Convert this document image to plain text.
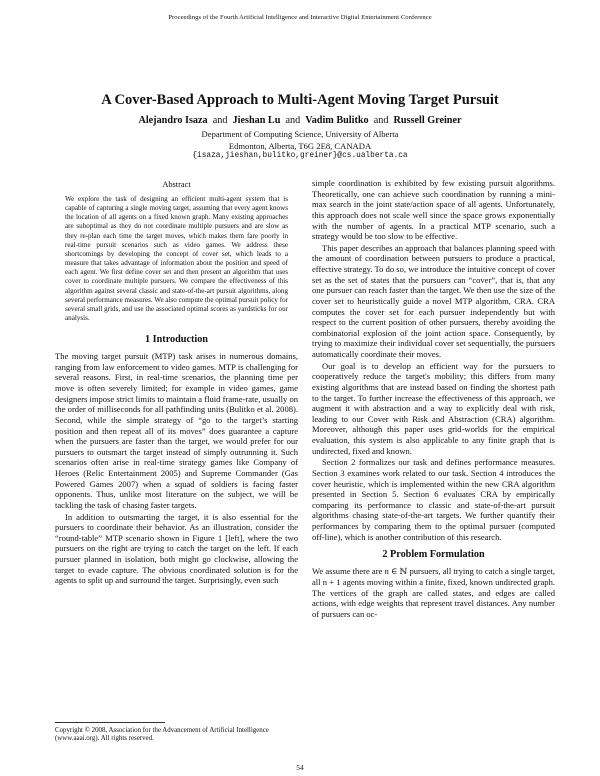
Proceedings of the Fourth Artificial Intelligence and Interactive Digital Entertainment Conference
A Cover-Based Approach to Multi-Agent Moving Target Pursuit
Alejandro Isaza and Jieshan Lu and Vadim Bulitko and Russell Greiner
Department of Computing Science, University of Alberta
Edmonton, Alberta, T6G 2E8, CANADA
{isaza,jieshan,bulitko,greiner}@cs.ualberta.ca
Abstract

We explore the task of designing an efficient multi-agent system that is capable of capturing a single moving target, assuming that every agent knows the location of all agents on a fixed known graph. Many existing approaches are suboptimal as they do not coordinate multiple pursuers and are slow as they re-plan each time the target moves, which makes them fare poorly in real-time pursuit scenarios such as video games. We address these shortcomings by developing the concept of cover set, which leads to a measure that takes advantage of information about the position and speed of each agent. We first define cover set and then present an algorithm that uses cover to coordinate multiple pursuers. We compare the effectiveness of this algorithm against several classic and state-of-the-art pursuit algorithms, along several performance measures. We also compute the optimal pursuit policy for several small grids, and use the associated optimal scores as yardsticks for our analysis.

1 Introduction

The moving target pursuit (MTP) task arises in numerous domains, ranging from law enforcement to video games. MTP is challenging for several reasons. First, in real-time scenarios, the planning time per move is often severely limited; for example in video games, game designers impose strict limits to maintain a fluid frame-rate, usually on the order of milliseconds for all pathfinding units (Bulitko et al. 2008). Second, while the simple strategy of “go to the target’s starting position and then repeat all of its moves” does guarantee a capture when the pursuers are faster than the target, we would prefer for our pursuers to outsmart the target instead of simply outrunning it. Such scenarios often arise in real-time strategy games like Company of Heroes (Relic Entertainment 2005) and Supreme Commander (Gas Powered Games 2007) when a squad of soldiers is facing faster opponents. Thus, unlike most literature on the subject, we will be tackling the task of chasing faster targets.

In addition to outsmarting the target, it is also essential for the pursuers to coordinate their behavior. As an illustration, consider the “round-table” MTP scenario shown in Figure 1 [left], where the two pursuers on the right are trying to catch the target on the left. If each pursuer planned in isolation, both might go clockwise, allowing the target to evade capture. The obvious coordinated solution is for the agents to split up and surround the target. Surprisingly, even such

simple coordination is exhibited by few existing pursuit algorithms. Theoretically, one can achieve such coordination by running a mini-max search in the joint state/action space of all agents. Unfortunately, this approach does not scale well since the space grows exponentially with the number of agents. In a practical MTP scenario, such a strategy would be too slow to be effective.

This paper describes an approach that balances planning speed with the amount of coordination between pursuers to produce a practical, effective strategy. To do so, we introduce the intuitive concept of cover set as the set of states that the pursuers can “cover”, that is, that any one pursuer can reach faster than the target. We then use the size of the cover set to heuristically guide a novel MTP algorithm, CRA. CRA computes the cover set for each pursuer independently but with respect to the current position of other pursuers, thereby avoiding the combinatorial explosion of the joint action space. Consequently, by trying to maximize their individual cover set sequentially, the pursuers automatically coordinate their moves.

Our goal is to develop an efficient way for the pursuers to cooperatively reduce the target's mobility; this differs from many existing algorithms that are instead based on finding the shortest path to the target. To further increase the effectiveness of this approach, we augment it with abstraction and a way to explicitly deal with risk, leading to our Cover with Risk and Abstraction (CRA) algorithm. Moreover, although this paper uses grid-worlds for the empirical evaluation, this system is also applicable to any finite graph that is undirected, fixed and known.

Section 2 formalizes our task and defines performance measures. Section 3 examines work related to our task. Section 4 introduces the cover heuristic, which is implemented within the new CRA algorithm presented in Section 5. Section 6 evaluates CRA by empirically comparing its performance to classic and state-of-the-art pursuit algorithms chasing state-of-the-art targets. We further quantify their performances by comparing them to the optimal pursuer (computed off-line), which is another contribution of this research.

2 Problem Formulation

We assume there are n ∈ ℕ pursuers, all trying to catch a single target, all n + 1 agents moving within a finite, fixed, known undirected graph. The vertices of the graph are called states, and edges are called actions, with edge weights that represent travel distances. Any number of pursuers can oc-

Copyright © 2008, Association for the Advancement of Artificial Intelligence (www.aaai.org). All rights reserved.
54
